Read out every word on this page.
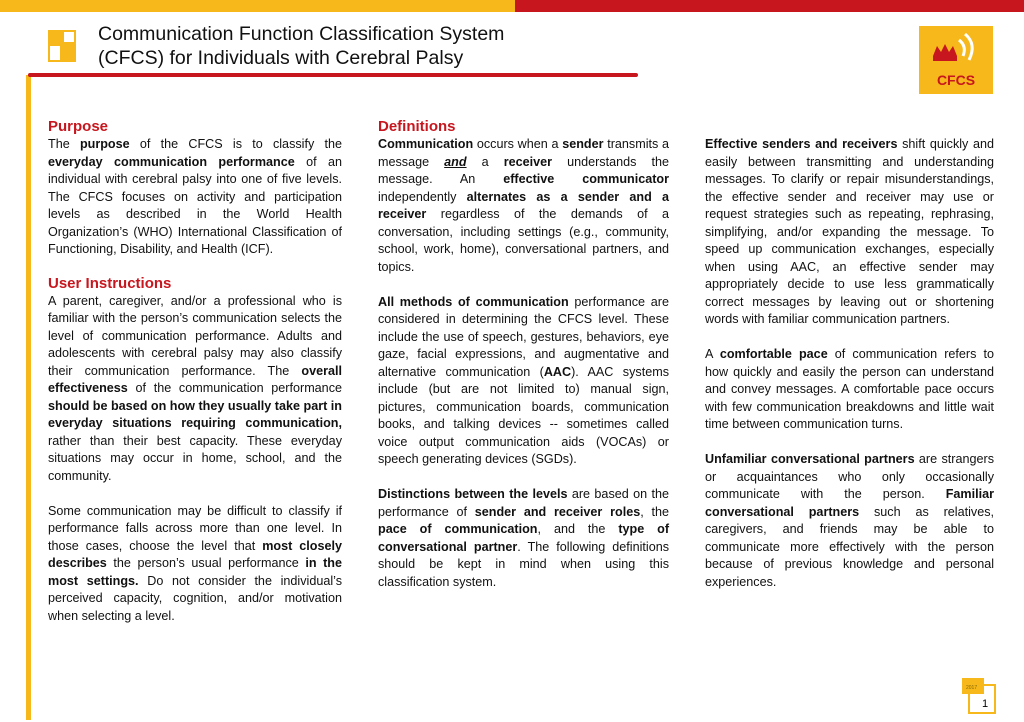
Communication Function Classification System
(CFCS) for Individuals with Cerebral Palsy
CFCS
Purpose

The purpose of the CFCS is to classify the everyday communication performance of an individual with cerebral palsy into one of five levels. The CFCS focuses on activity and participation levels as described in the World Health Organization’s (WHO) International Classification of Functioning, Disability, and Health (ICF).

User Instructions

A parent, caregiver, and/or a professional who is familiar with the person’s communication selects the level of communication performance. Adults and adolescents with cerebral palsy may also classify their communication performance. The overall effectiveness of the communication performance should be based on how they usually take part in everyday situations requiring communication, rather than their best capacity. These everyday situations may occur in home, school, and the community.

Some communication may be difficult to classify if performance falls across more than one level. In those cases, choose the level that most closely describes the person’s usual performance in the most settings. Do not consider the individual’s perceived capacity, cognition, and/or motivation when selecting a level.

Definitions

Communication occurs when a sender transmits a message and a receiver understands the message. An effective communicator independently alternates as a sender and a receiver regardless of the demands of a conversation, including settings (e.g., community, school, work, home), conversational partners, and topics.

All methods of communication performance are considered in determining the CFCS level. These include the use of speech, gestures, behaviors, eye gaze, facial expressions, and augmentative and alternative communication (AAC). AAC systems include (but are not limited to) manual sign, pictures, communication boards, communication books, and talking devices -- sometimes called voice output communication aids (VOCAs) or speech generating devices (SGDs).

Distinctions between the levels are based on the performance of sender and receiver roles, the pace of communication, and the type of conversational partner. The following definitions should be kept in mind when using this classification system.

Effective senders and receivers shift quickly and easily between transmitting and understanding messages. To clarify or repair misunderstandings, the effective sender and receiver may use or request strategies such as repeating, rephrasing, simplifying, and/or expanding the message. To speed up communication exchanges, especially when using AAC, an effective sender may appropriately decide to use less grammatically correct messages by leaving out or shortening words with familiar communication partners.

A comfortable pace of communication refers to how quickly and easily the person can understand and convey messages. A comfortable pace occurs with few communication breakdowns and little wait time between communication turns.

Unfamiliar conversational partners are strangers or acquaintances who only occasionally communicate with the person. Familiar conversational partners such as relatives, caregivers, and friends may be able to communicate more effectively with the person because of previous knowledge and personal experiences.

2017
1
